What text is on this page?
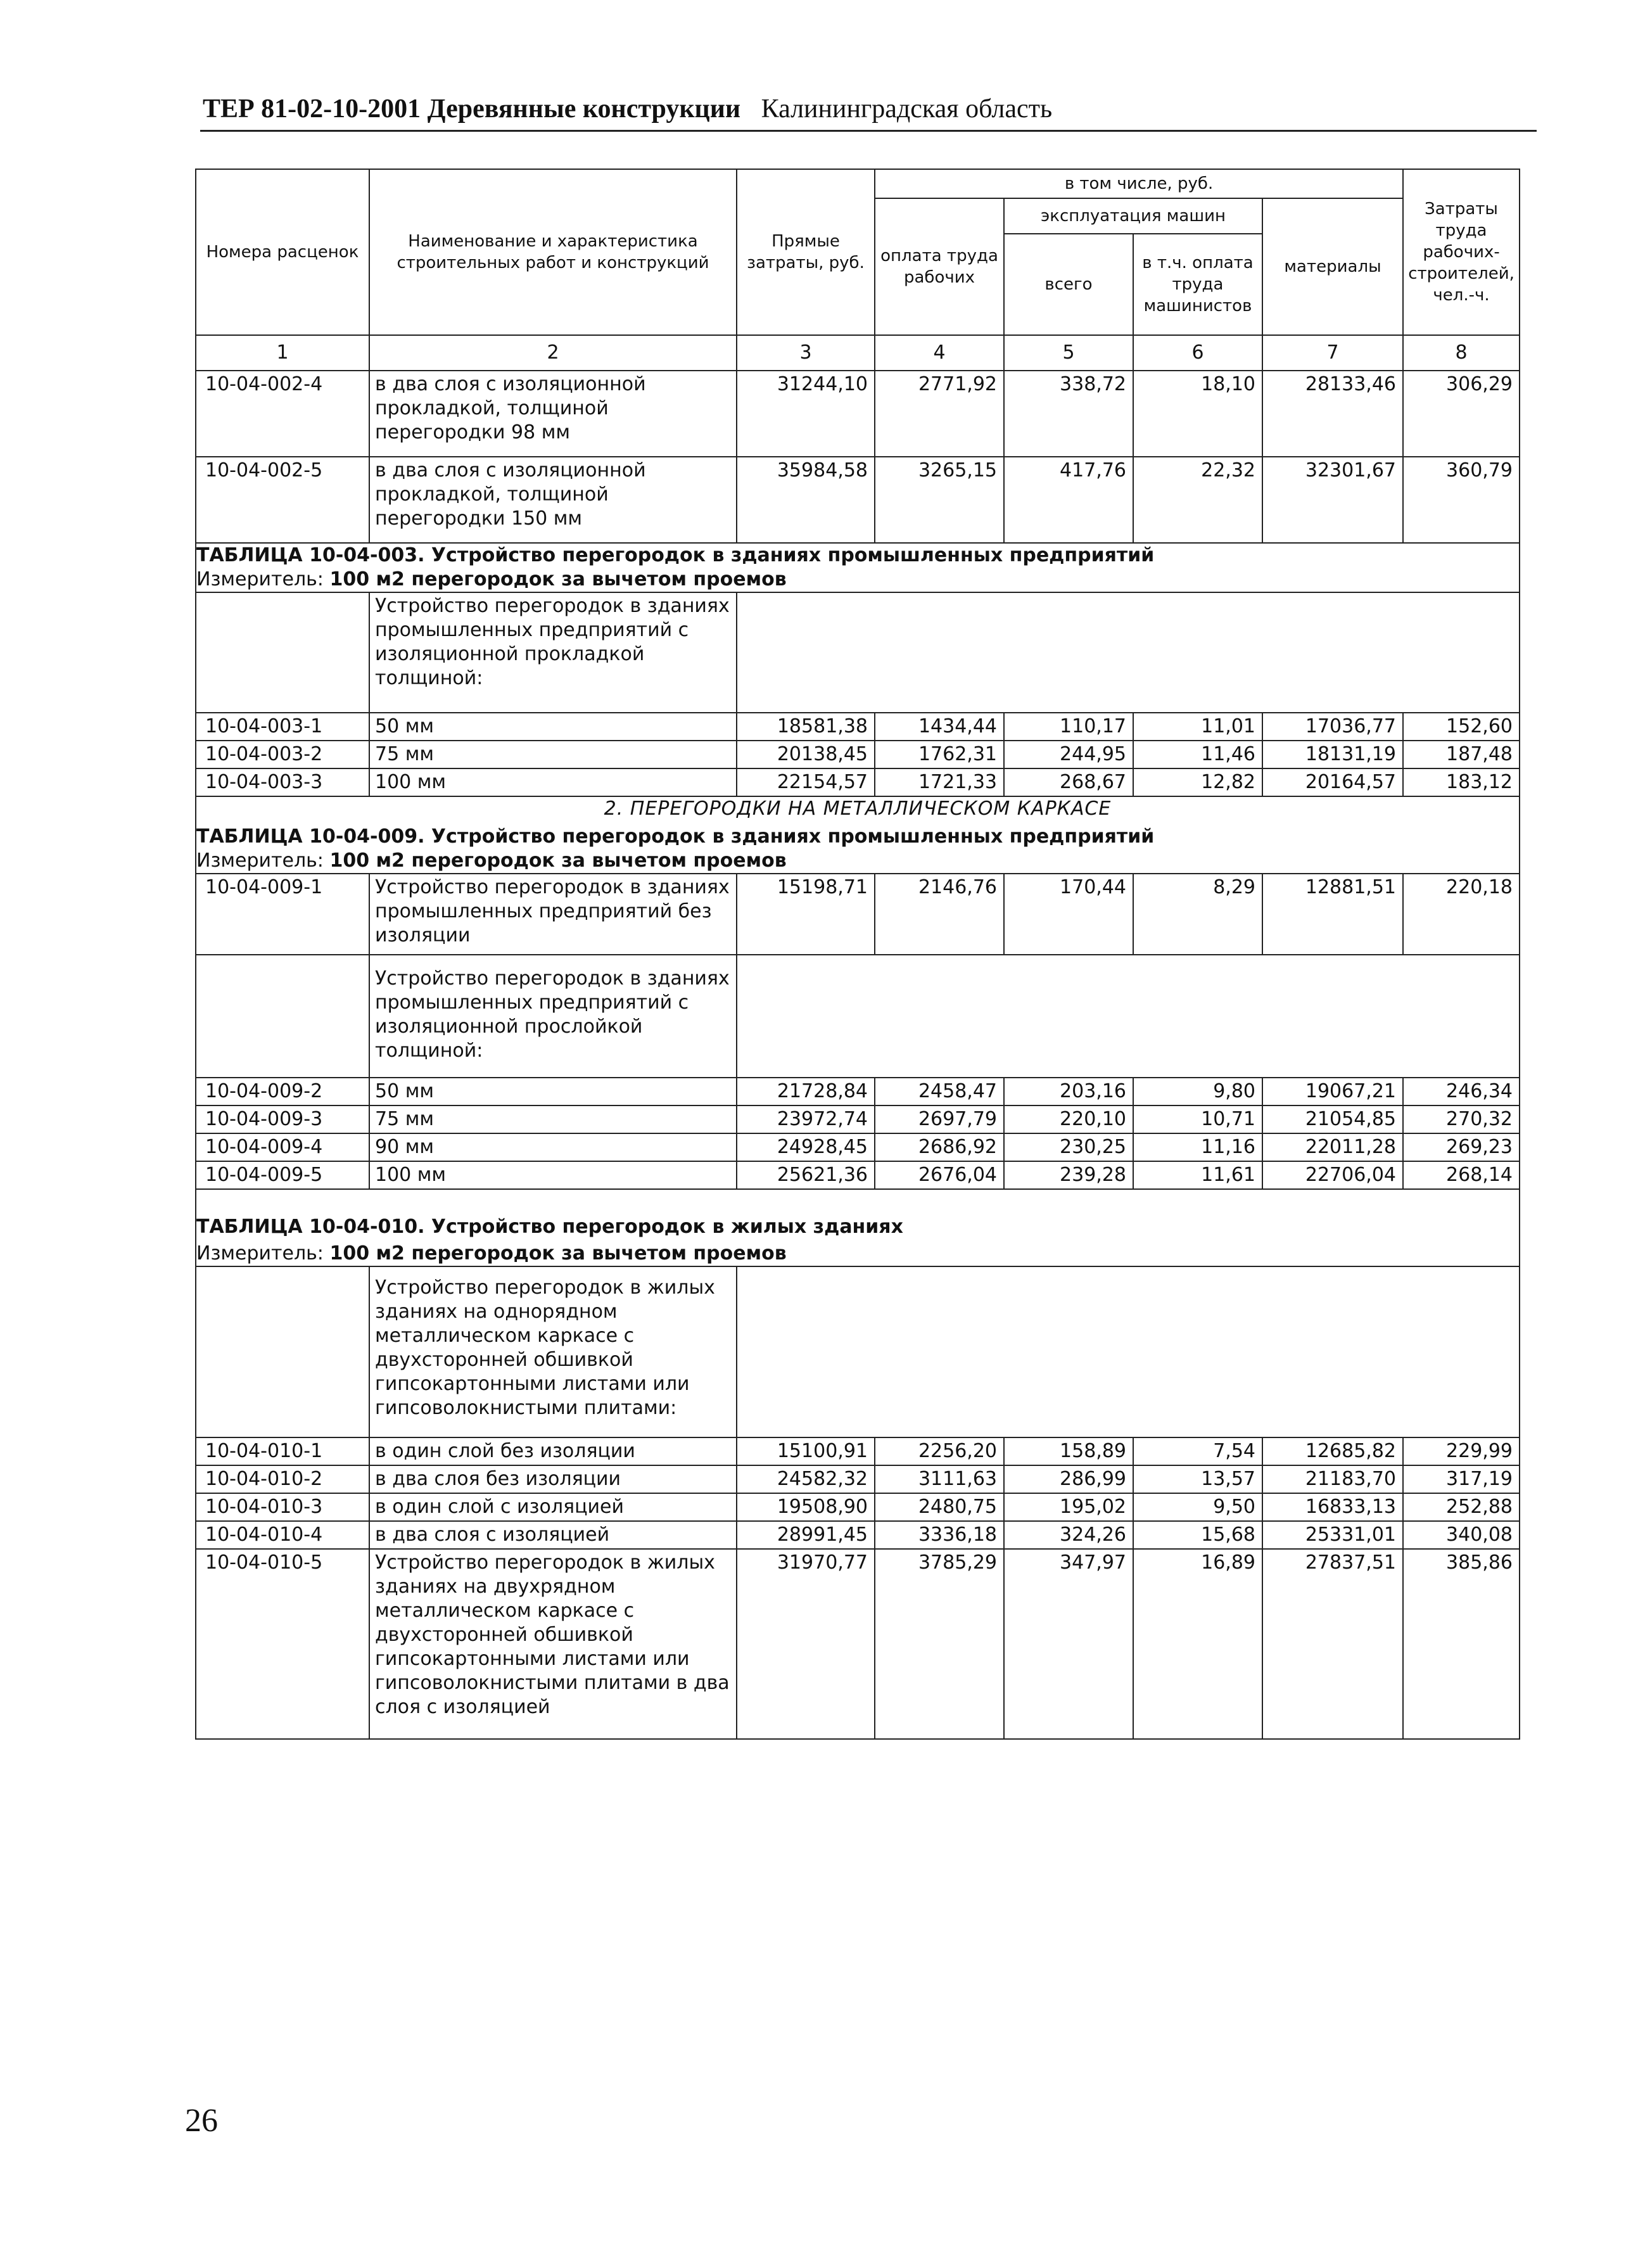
ТЕР 81-02-10-2001 Деревянные конструкции Калининградская область
Номера расценок	Наименование и характеристика строительных работ и конструкций	Прямые затраты, руб.	в том числе, руб.				Затраты труда рабочих-строителей, чел.-ч.
			оплата труда рабочих	эксплуатация машин		материалы	
				всего	в т.ч. оплата труда машинистов		

1	2	3	4	5	6	7	8
10-04-002-4	в два слоя с изоляционной прокладкой, толщиной перегородки 98 мм	31244,10	2771,92	338,72	18,10	28133,46	306,29
10-04-002-5	в два слоя с изоляционной прокладкой, толщиной перегородки 150 мм	35984,58	3265,15	417,76	22,32	32301,67	360,79
ТАБЛИЦА 10-04-003. Устройство перегородок в зданиях промышленных предприятий							
Измеритель: 100 м2 перегородок за вычетом проемов							
	Устройство перегородок в зданиях промышленных предприятий с изоляционной прокладкой толщиной:						
10-04-003-1	50 мм	18581,38	1434,44	110,17	11,01	17036,77	152,60
10-04-003-2	75 мм	20138,45	1762,31	244,95	11,46	18131,19	187,48
10-04-003-3	100 мм	22154,57	1721,33	268,67	12,82	20164,57	183,12
2. ПЕРЕГОРОДКИ НА МЕТАЛЛИЧЕСКОМ КАРКАСЕ							
ТАБЛИЦА 10-04-009. Устройство перегородок в зданиях промышленных предприятий							
Измеритель: 100 м2 перегородок за вычетом проемов							
10-04-009-1	Устройство перегородок в зданиях промышленных предприятий без изоляции	15198,71	2146,76	170,44	8,29	12881,51	220,18
	Устройство перегородок в зданиях промышленных предприятий с изоляционной прослойкой толщиной:						
10-04-009-2	50 мм	21728,84	2458,47	203,16	9,80	19067,21	246,34
10-04-009-3	75 мм	23972,74	2697,79	220,10	10,71	21054,85	270,32
10-04-009-4	90 мм	24928,45	2686,92	230,25	11,16	22011,28	269,23
10-04-009-5	100 мм	25621,36	2676,04	239,28	11,61	22706,04	268,14
ТАБЛИЦА 10-04-010. Устройство перегородок в жилых зданиях							
Измеритель: 100 м2 перегородок за вычетом проемов							
	Устройство перегородок в жилых зданиях на однорядном металлическом каркасе с двухсторонней обшивкой гипсокартонными листами или гипсоволокнистыми плитами:						
10-04-010-1	в один слой без изоляции	15100,91	2256,20	158,89	7,54	12685,82	229,99
10-04-010-2	в два слоя без изоляции	24582,32	3111,63	286,99	13,57	21183,70	317,19
10-04-010-3	в один слой с изоляцией	19508,90	2480,75	195,02	9,50	16833,13	252,88
10-04-010-4	в два слоя с изоляцией	28991,45	3336,18	324,26	15,68	25331,01	340,08
10-04-010-5	Устройство перегородок в жилых зданиях на двухрядном металлическом каркасе с двухсторонней обшивкой гипсокартонными листами или гипсоволокнистыми плитами в два слоя с изоляцией	31970,77	3785,29	347,97	16,89	27837,51	385,86
26
